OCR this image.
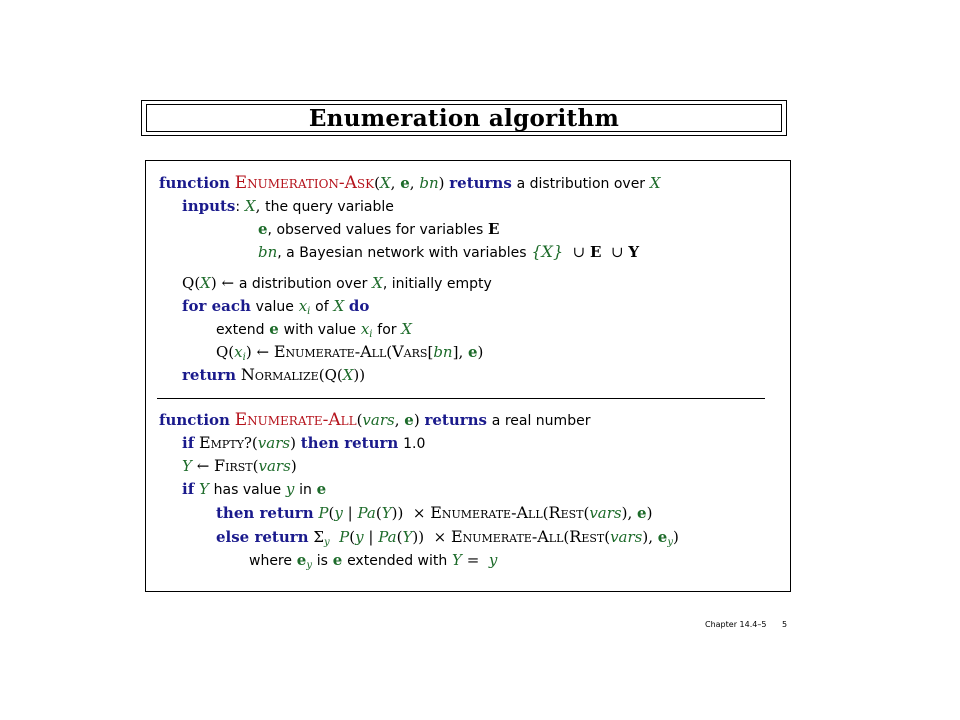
Enumeration algorithm
function Enumeration-Ask(X, e, bn) returns a distribution over X
inputs: X, the query variable
e, observed values for variables E
bn, a Bayesian network with variables {X} ∪ E ∪ Y
Q(X) ← a distribution over X, initially empty
for each value $x_i$ of X do
extend e with value $x_i$ for X
$Q(x_i)$ ← Enumerate-All(Vars[bn], e)
return Normalize(Q(X))
function Enumerate-All(vars, e) returns a real number
if Empty?(vars) then return 1.0
Y ← First(vars)
if Y has value y in e
then return P(y | Pa(Y)) × Enumerate-All(Rest(vars), e)
else return $\Sigma_y$ P(y | Pa(Y)) × Enumerate-All(Rest(vars), $e_y$)
where $e_y$ is e extended with Y = y
Chapter 14.4–5 5
